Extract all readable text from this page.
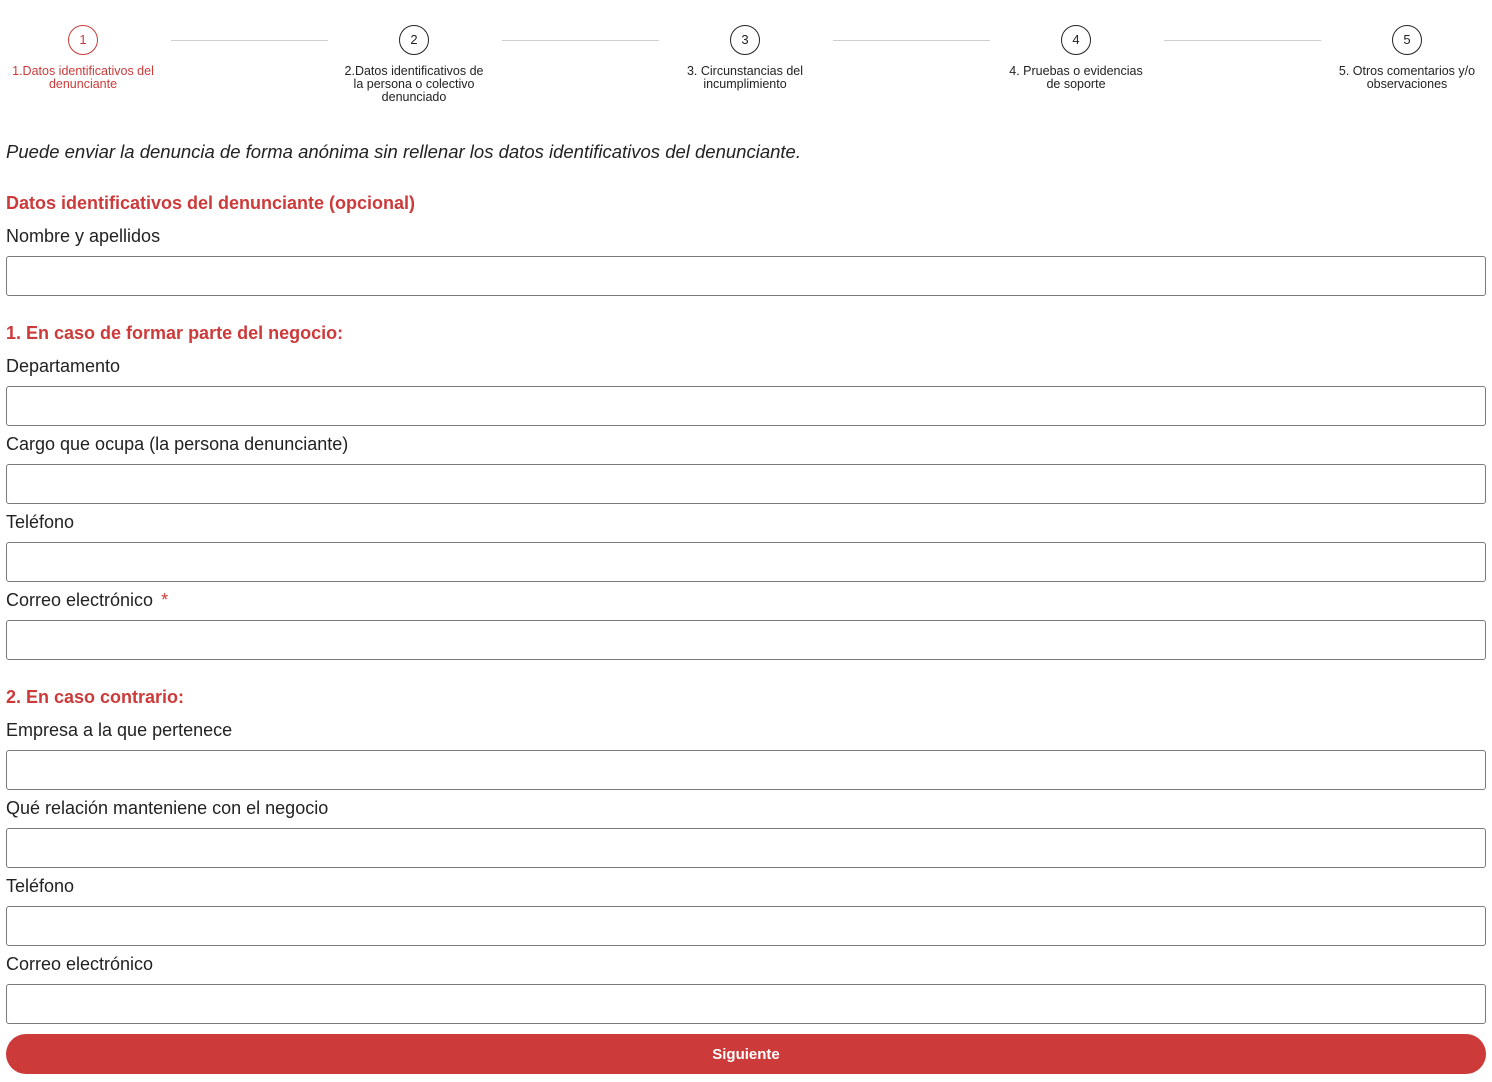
1
1.Datos identificativos del denunciante
2
2.Datos identificativos de la persona o colectivo denunciado
3
3. Circunstancias del incumplimiento
4
4. Pruebas o evidencias de soporte
5
5. Otros comentarios y/o observaciones

Puede enviar la denuncia de forma anónima sin rellenar los datos identificativos del denunciante.

Datos identificativos del denunciante (opcional)
Nombre y apellidos
1. En caso de formar parte del negocio:
Departamento
Cargo que ocupa (la persona denunciante)
Teléfono
Correo electrónico *
2. En caso contrario:
Empresa a la que pertenece
Qué relación manteniene con el negocio
Teléfono
Correo electrónico
Siguiente
